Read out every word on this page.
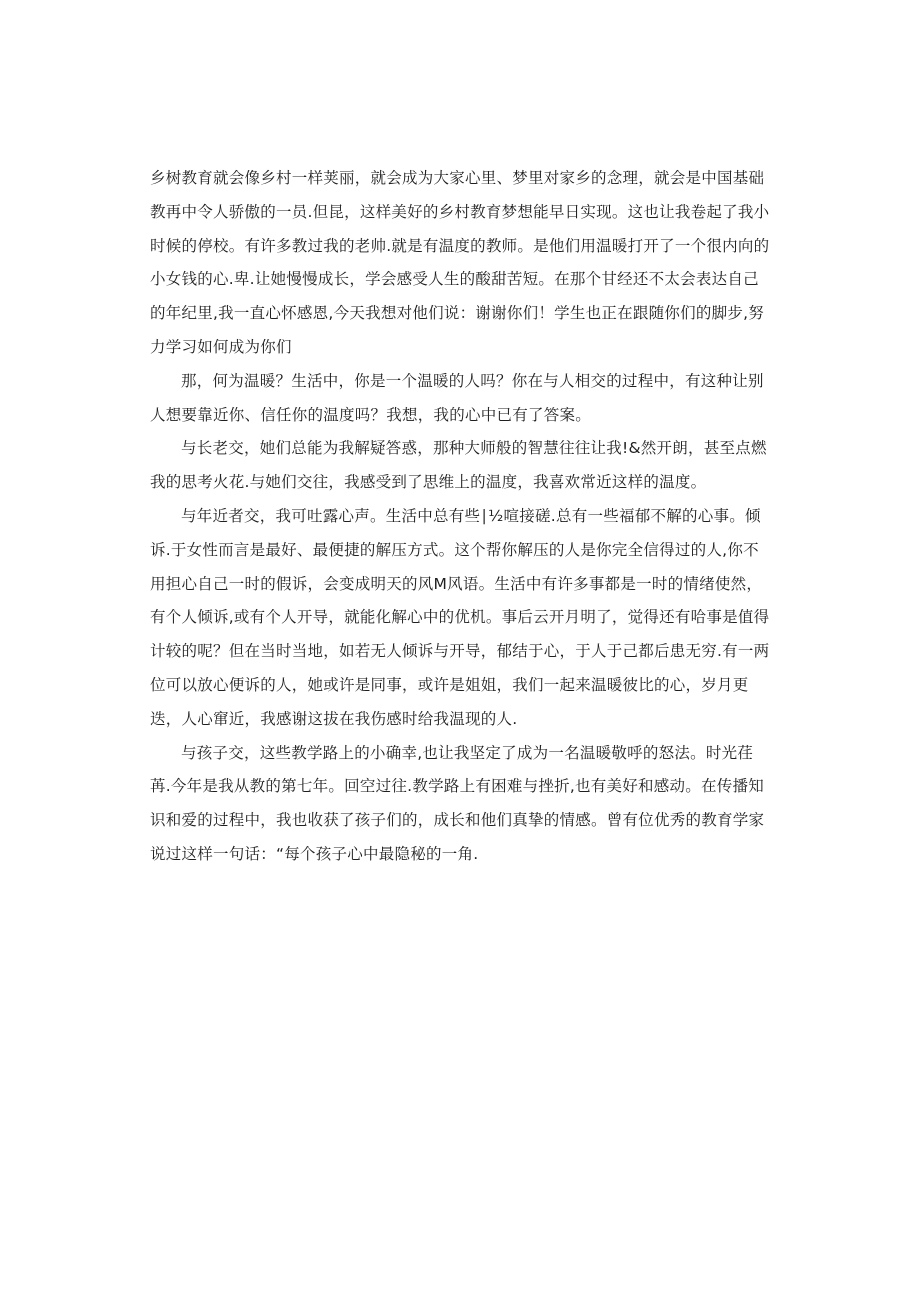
乡树教育就会像乡村一样荚丽，就会成为大家心里、梦里对家乡的念理，就会是中国基础教再中令人骄傲的一员.但昆，这样美好的乡村教育梦想能早日实现。这也让我卷起了我小时候的停校。有许多教过我的老帅.就是有温度的教师。是他们用温暖打开了一个很内向的小女钱的心.卑.让她慢慢成长，学会感受人生的酸甜苦短。在那个甘经还不太会表达自己的年纪里,我一直心怀感恩,今天我想对他们说：谢谢你们！学生也正在跟随你们的脚步,努力学习如何成为你们

那，何为温暖？生活中，你是一个温暖的人吗？你在与人相交的过程中，有这种让别人想要靠近你、信任你的温度吗？我想，我的心中已有了答案。

与长老交，她们总能为我解疑答惑，那种大师般的智慧往往让我!&然开朗，甚至点燃我的思考火花.与她们交往，我感受到了思维上的温度，我喜欢常近这样的温度。

与年近者交，我可吐露心声。生活中总有些∣½喧接磋.总有一些福郁不解的心事。倾诉.于女性而言是最好、最便捷的解压方式。这个帮你解压的人是你完全信得过的人,你不用担心自己一时的假诉，会变成明天的风M风语。生活中有许多事都是一时的情绪使然，有个人倾诉,或有个人开导，就能化解心中的优机。事后云开月明了，觉得还有哈事是值得计较的呢？但在当时当地，如若无人倾诉与开导，郁结于心，于人于己都后患无穷.有一两位可以放心便诉的人，她或许是同事，或许是姐姐，我们一起来温暖彼比的心，岁月更迭，人心窜近，我感谢这拔在我伤感时给我温现的人.

与孩子交，这些教学路上的小确幸,也让我坚定了成为一名温暖敬呼的怒法。时光荏苒.今年是我从教的第七年。回空过往.教学路上有困难与挫折,也有美好和感动。在传播知识和爱的过程中，我也收获了孩子们的，成长和他们真挚的情感。曾有位优秀的教育学家说过这样一句话：“每个孩子心中最隐秘的一角.
